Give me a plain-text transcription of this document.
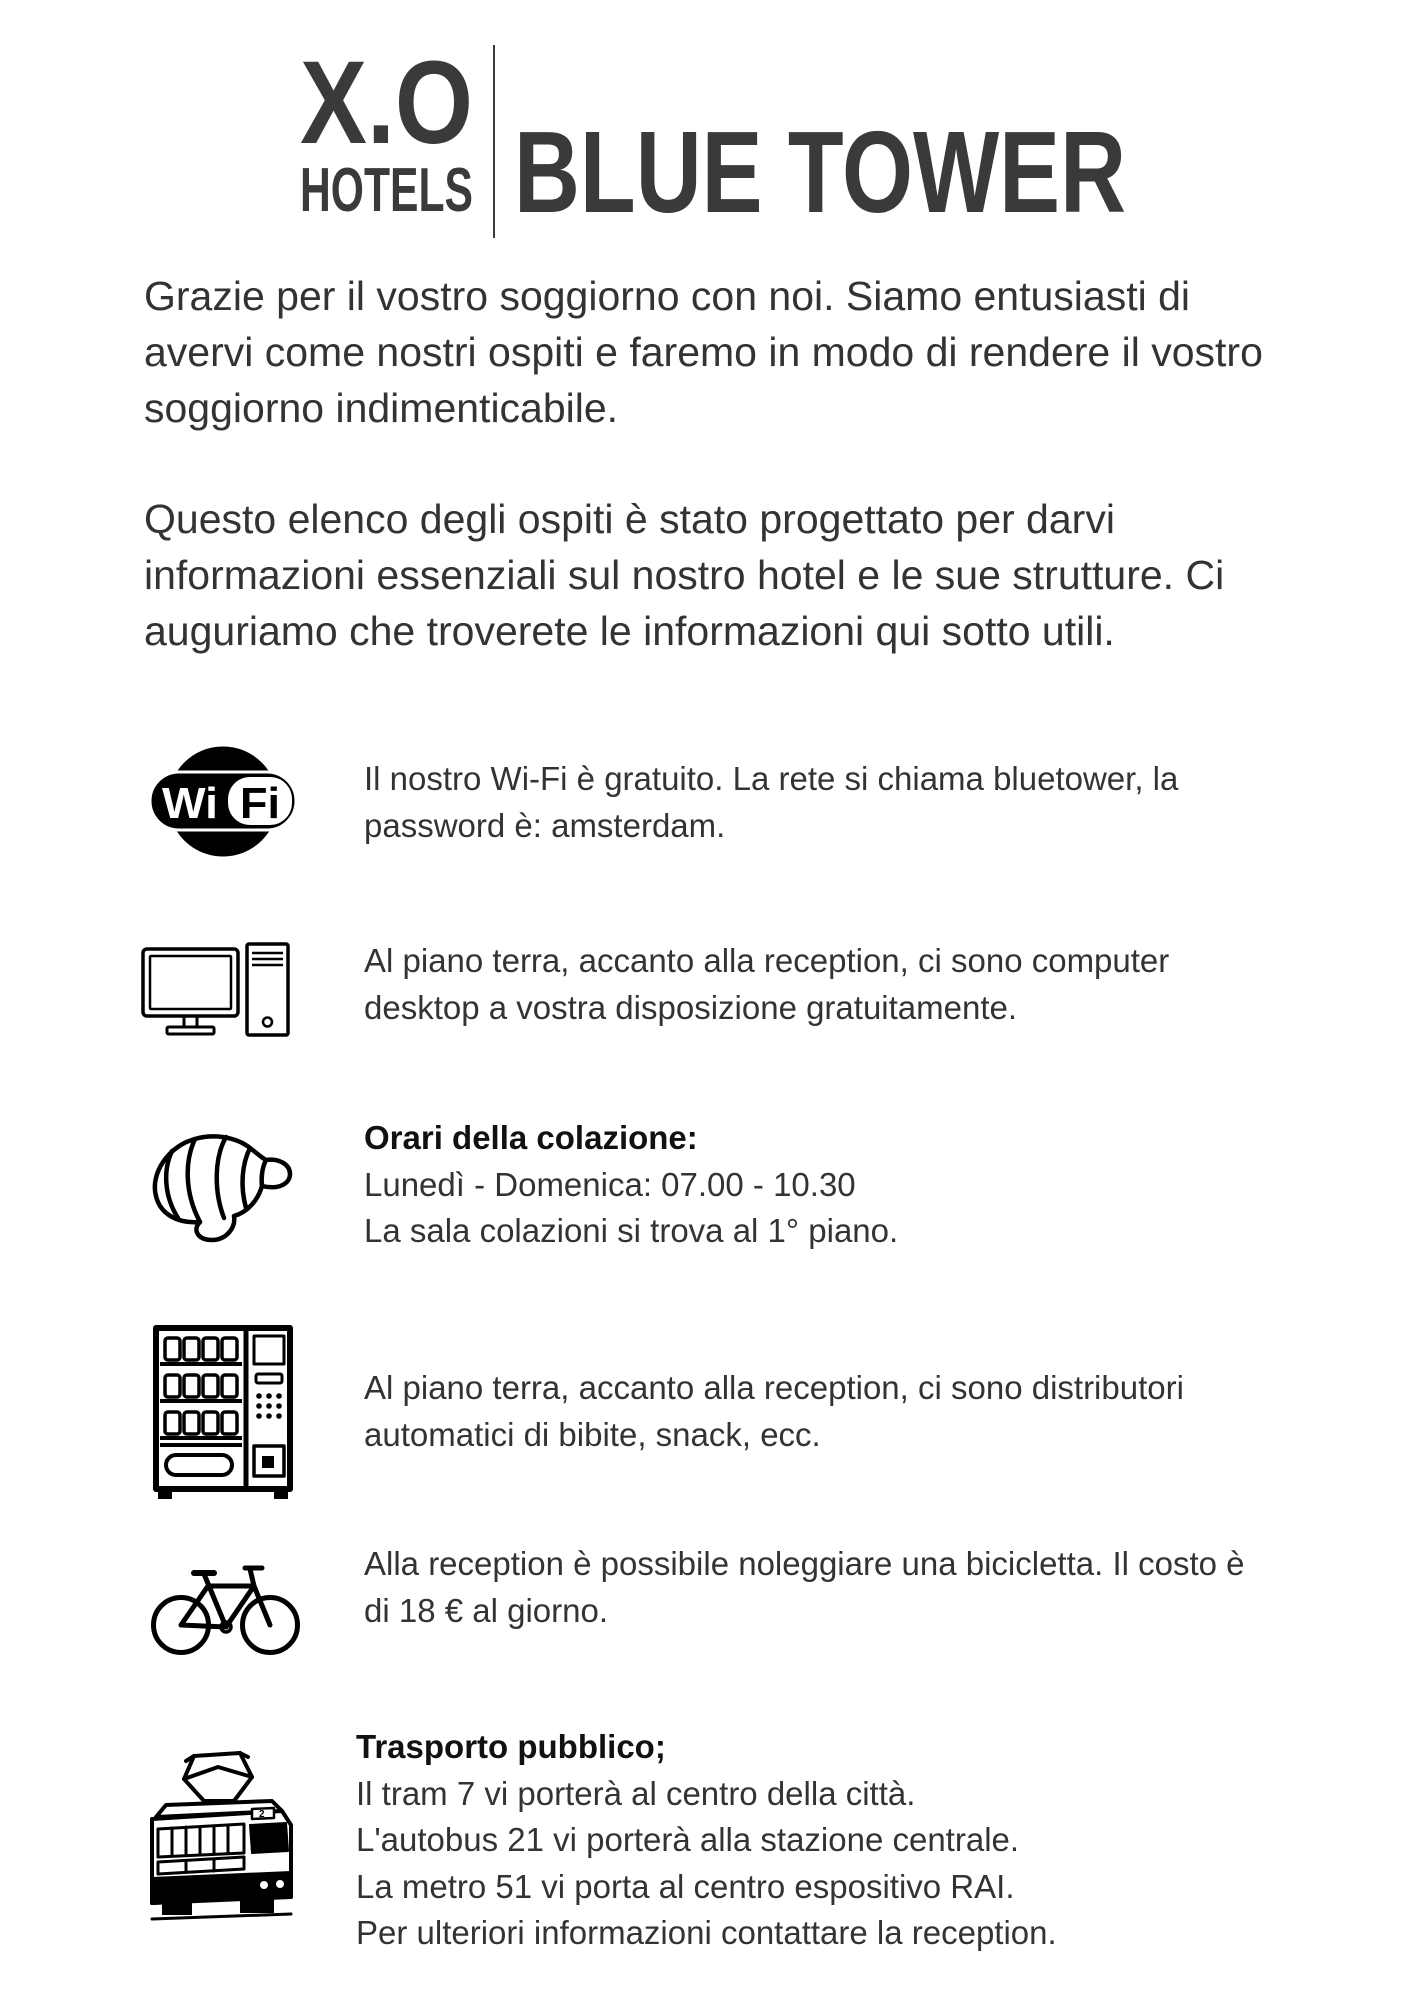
X.O
HOTELS BLUE TOWER

Grazie per il vostro soggiorno con noi. Siamo entusiasti di
avervi come nostri ospiti e faremo in modo di rendere il vostro
soggiorno indimenticabile.

Questo elenco degli ospiti è stato progettato per darvi
informazioni essenziali sul nostro hotel e le sue strutture. Ci
auguriamo che troverete le informazioni qui sotto utili.

Wi Fi

Il nostro Wi-Fi è gratuito. La rete si chiama bluetower, la
password è: amsterdam.

Al piano terra, accanto alla reception, ci sono computer
desktop a vostra disposizione gratuitamente.

Orari della colazione:
Lunedì - Domenica: 07.00 - 10.30
La sala colazioni si trova al 1° piano.

Al piano terra, accanto alla reception, ci sono distributori
automatici di bibite, snack, ecc.

Alla reception è possibile noleggiare una bicicletta. Il costo è
di 18 € al giorno.

2

Trasporto pubblico;
Il tram 7 vi porterà al centro della città.
L'autobus 21 vi porterà alla stazione centrale.
La metro 51 vi porta al centro espositivo RAI.
Per ulteriori informazioni contattare la reception.
